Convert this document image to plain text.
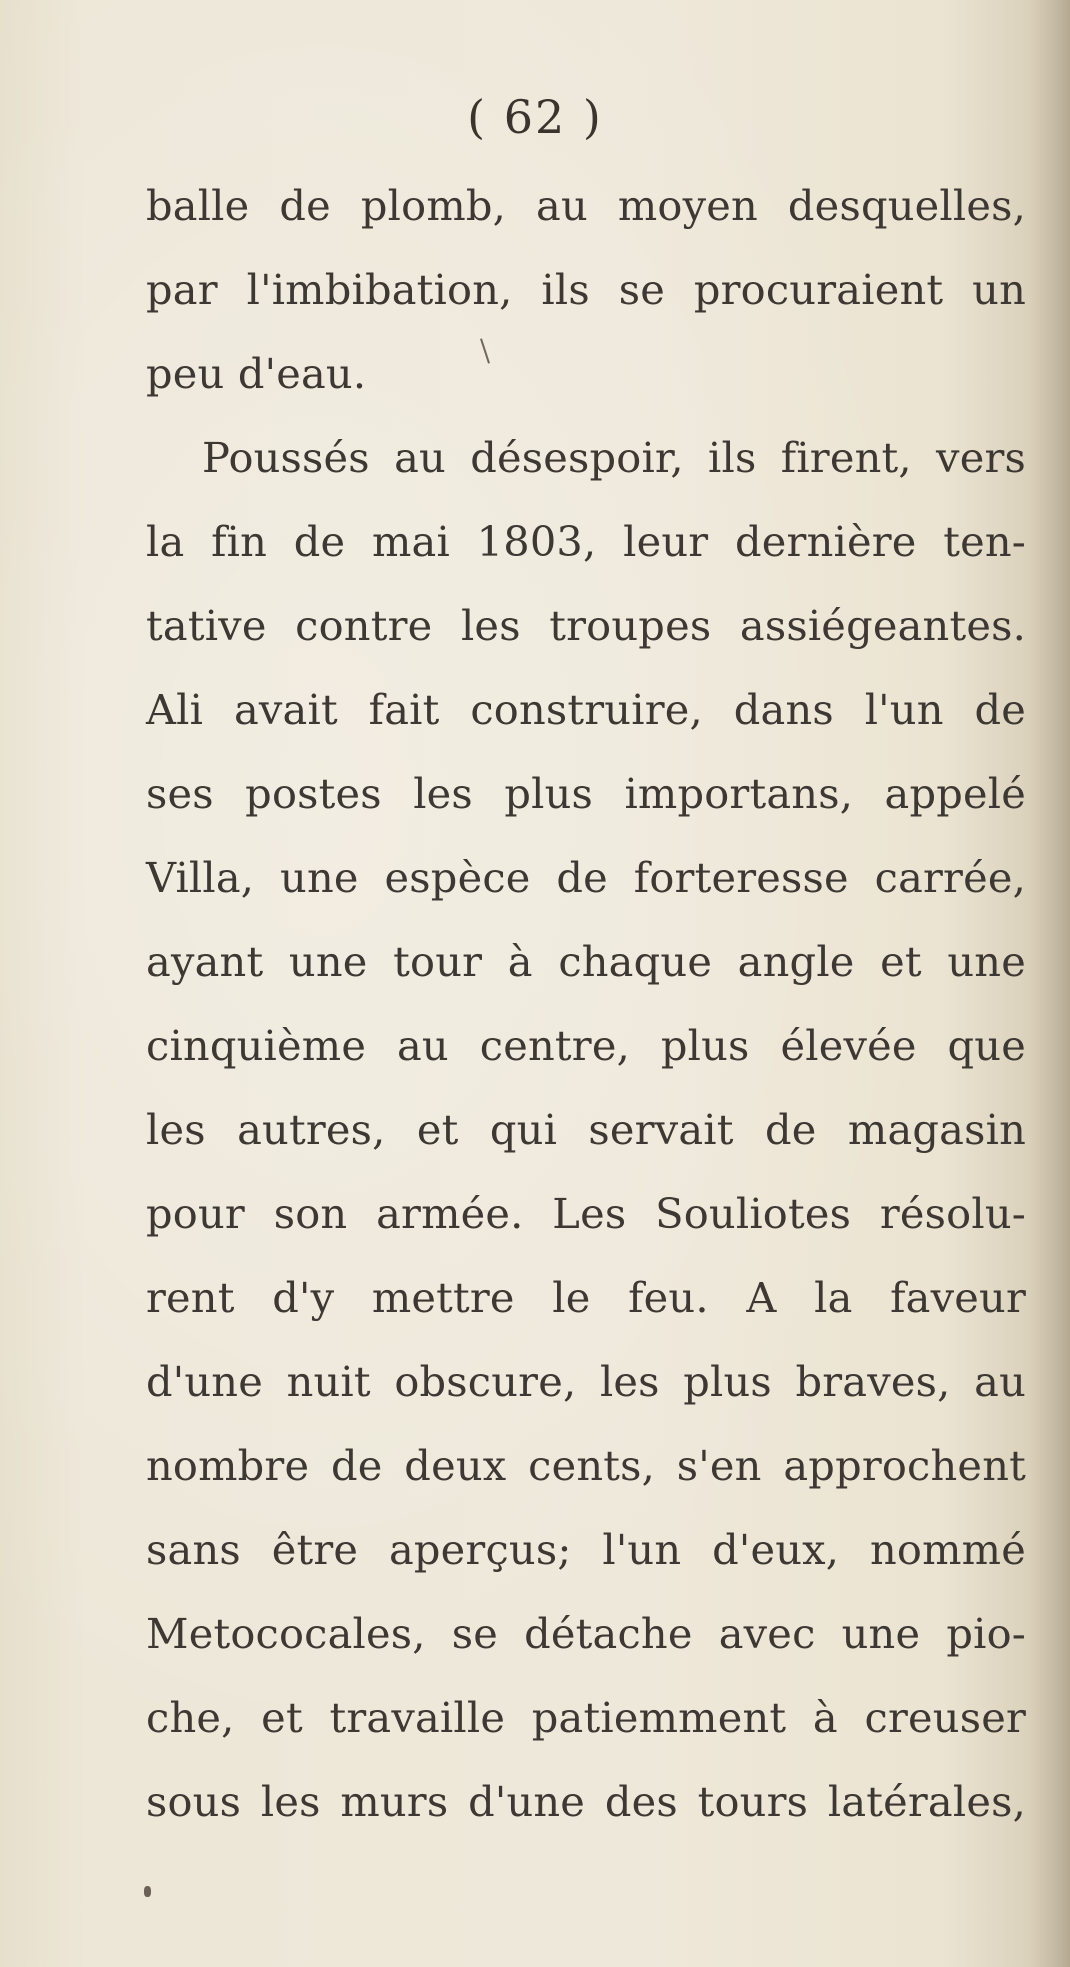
( 62 )
balle de plomb, au moyen desquelles,
par l'imbibation, ils se procuraient un
peu d'eau.
Poussés au désespoir, ils firent, vers
la fin de mai 1803, leur dernière ten-
tative contre les troupes assiégeantes.
Ali avait fait construire, dans l'un de
ses postes les plus importans, appelé
Villa, une espèce de forteresse carrée,
ayant une tour à chaque angle et une
cinquième au centre, plus élevée que
les autres, et qui servait de magasin
pour son armée. Les Souliotes résolu-
rent d'y mettre le feu. A la faveur
d'une nuit obscure, les plus braves, au
nombre de deux cents, s'en approchent
sans être aperçus; l'un d'eux, nommé
Metococales, se détache avec une pio-
che, et travaille patiemment à creuser
sous les murs d'une des tours latérales,
